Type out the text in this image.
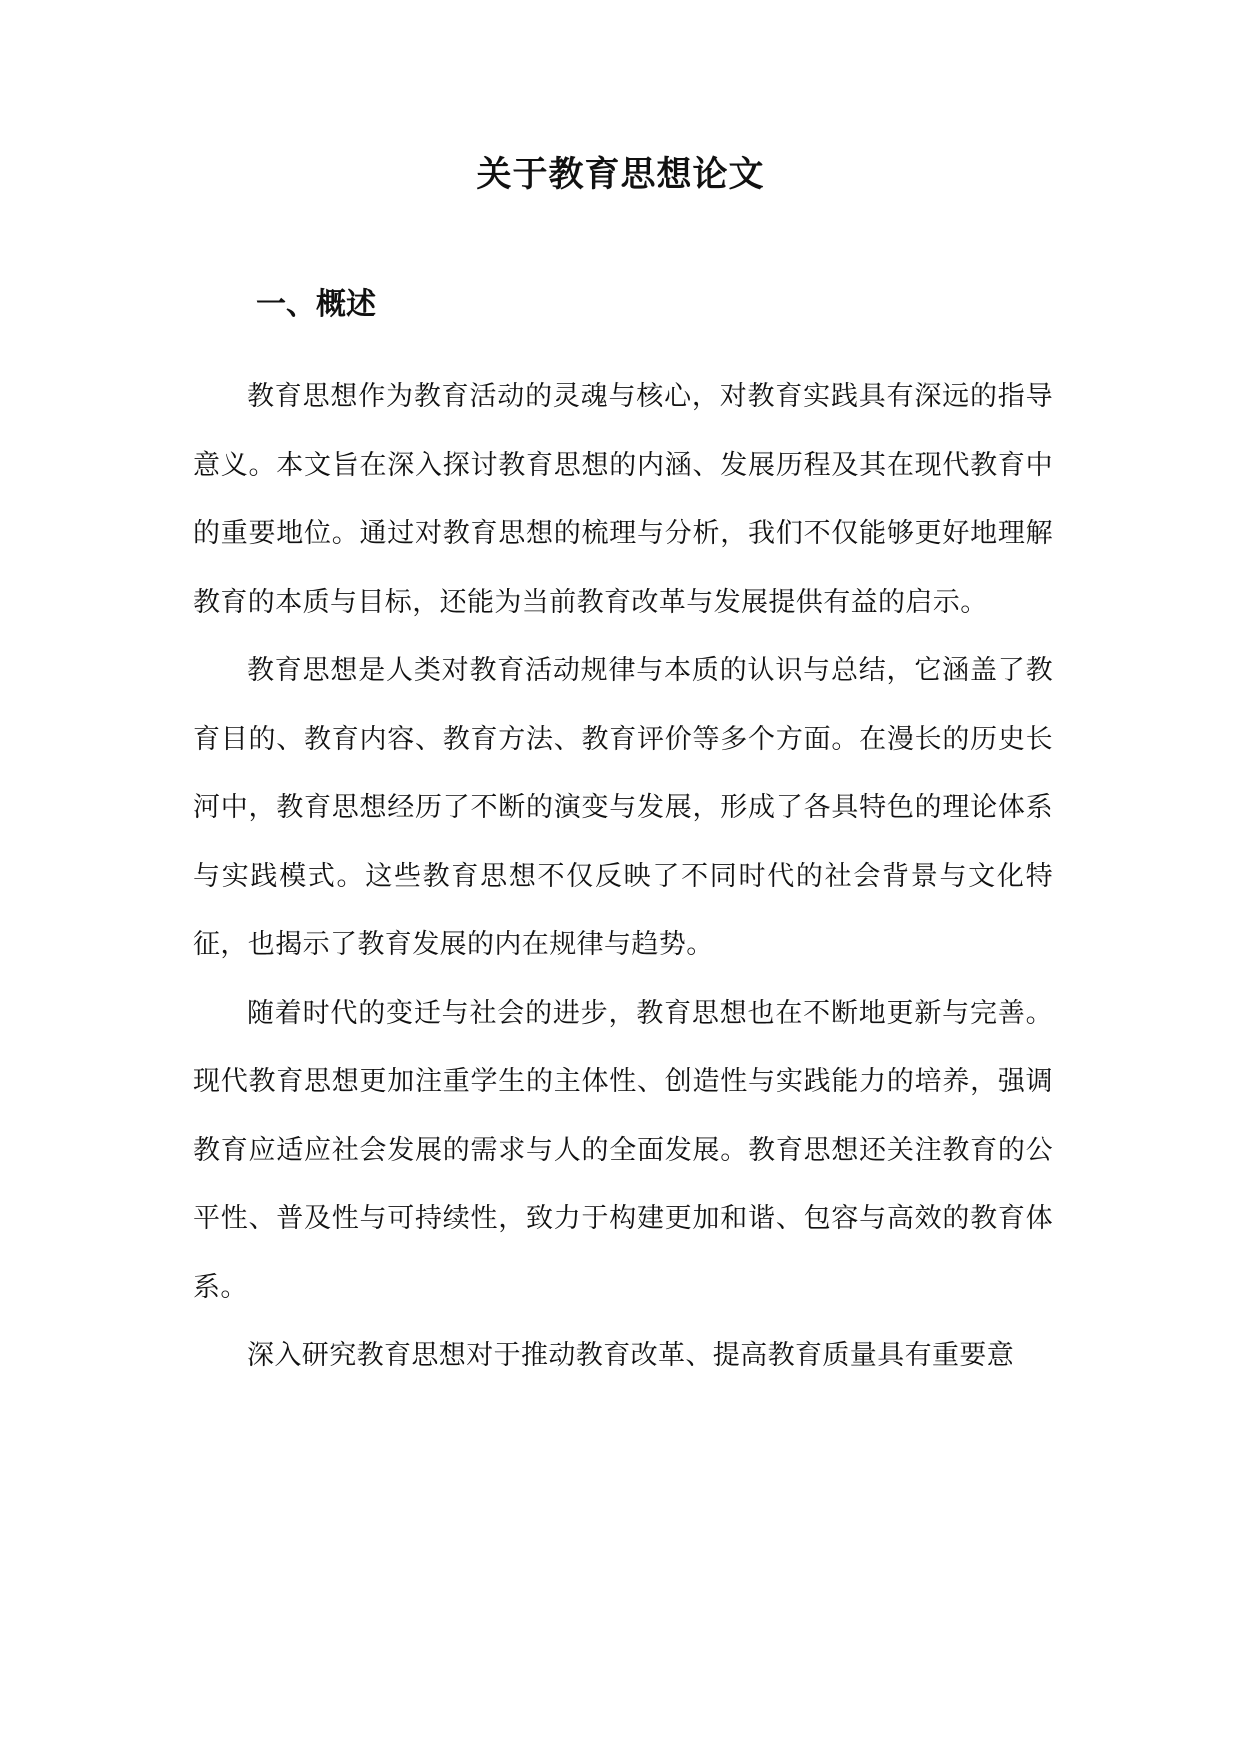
关于教育思想论文
一、概述

教育思想作为教育活动的灵魂与核心，对教育实践具有深远的指导意义。本文旨在深入探讨教育思想的内涵、发展历程及其在现代教育中的重要地位。通过对教育思想的梳理与分析，我们不仅能够更好地理解教育的本质与目标，还能为当前教育改革与发展提供有益的启示。

教育思想是人类对教育活动规律与本质的认识与总结，它涵盖了教育目的、教育内容、教育方法、教育评价等多个方面。在漫长的历史长河中，教育思想经历了不断的演变与发展，形成了各具特色的理论体系与实践模式。这些教育思想不仅反映了不同时代的社会背景与文化特征，也揭示了教育发展的内在规律与趋势。

随着时代的变迁与社会的进步，教育思想也在不断地更新与完善。现代教育思想更加注重学生的主体性、创造性与实践能力的培养，强调教育应适应社会发展的需求与人的全面发展。教育思想还关注教育的公平性、普及性与可持续性，致力于构建更加和谐、包容与高效的教育体系。

深入研究教育思想对于推动教育改革、提高教育质量具有重要意
